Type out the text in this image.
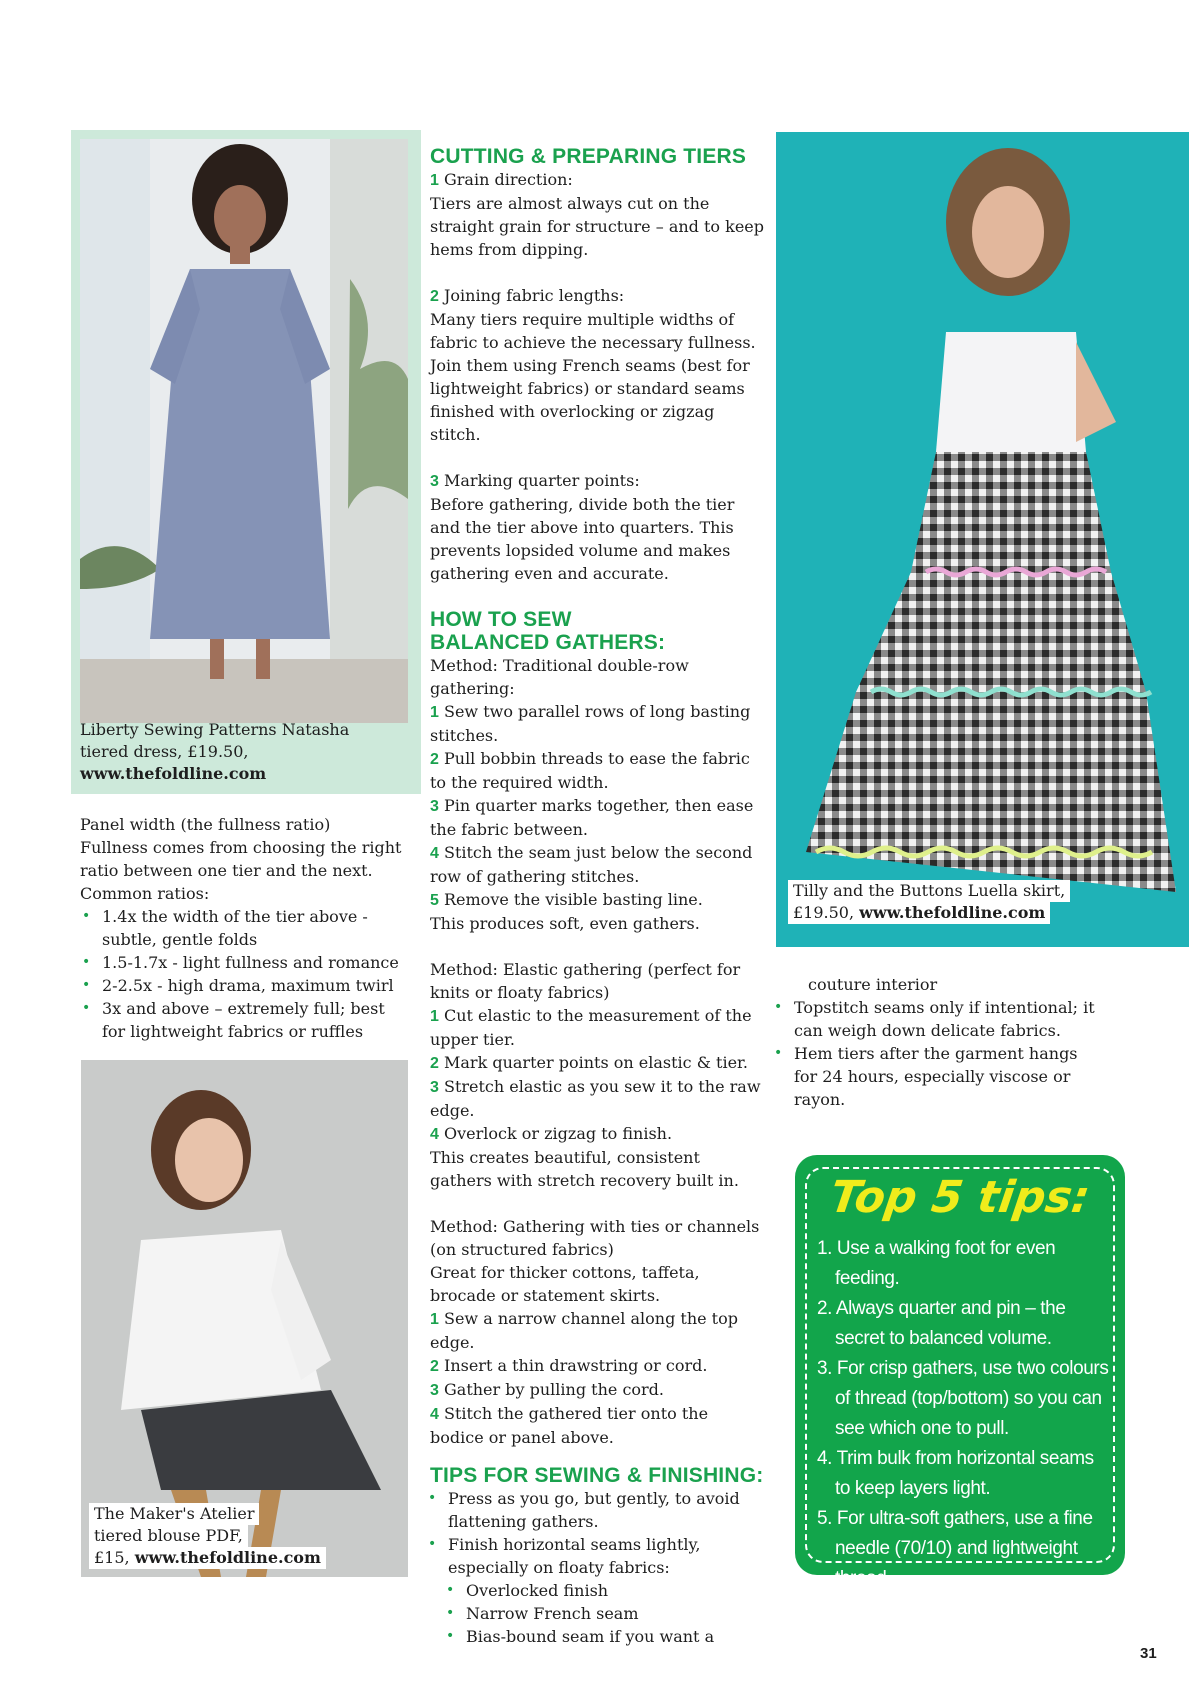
Liberty Sewing Patterns Natasha
tiered dress, £19.50,
www.thefoldline.com
Tilly and the Buttons Luella skirt,
£19.50, www.thefoldline.com
The Maker's Atelier
tiered blouse PDF,
£15, www.thefoldline.com

Panel width (the fullness ratio)

Fullness comes from choosing the right

ratio between one tier and the next.

Common ratios:

• 1.4x the width of the tier above - subtle, gentle folds
• 1.5-1.7x - light fullness and romance
• 2-2.5x - high drama, maximum twirl
• 3x and above – extremely full; best for lightweight fabrics or ruffles
CUTTING & PREPARING TIERS

1 Grain direction:

Tiers are almost always cut on the straight grain for structure – and to keep hems from dipping.

2 Joining fabric lengths:

Many tiers require multiple widths of fabric to achieve the necessary fullness. Join them using French seams (best for lightweight fabrics) or standard seams finished with overlocking or zigzag stitch.

3 Marking quarter points:

Before gathering, divide both the tier and the tier above into quarters. This prevents lopsided volume and makes gathering even and accurate.

HOW TO SEW
BALANCED GATHERS:

Method: Traditional double-row gathering:

1 Sew two parallel rows of long basting stitches.

2 Pull bobbin threads to ease the fabric to the required width.

3 Pin quarter marks together, then ease the fabric between.

4 Stitch the seam just below the second row of gathering stitches.

5 Remove the visible basting line.

This produces soft, even gathers.

Method: Elastic gathering (perfect for knits or floaty fabrics)

1 Cut elastic to the measurement of the upper tier.

2 Mark quarter points on elastic & tier.

3 Stretch elastic as you sew it to the raw edge.

4 Overlock or zigzag to finish.

This creates beautiful, consistent gathers with stretch recovery built in.

Method: Gathering with ties or channels (on structured fabrics)

Great for thicker cottons, taffeta, brocade or statement skirts.

1 Sew a narrow channel along the top edge.

2 Insert a thin drawstring or cord.

3 Gather by pulling the cord.

4 Stitch the gathered tier onto the bodice or panel above.

TIPS FOR SEWING & FINISHING:
• Press as you go, but gently, to avoid flattening gathers.
• Finish horizontal seams lightly, especially on floaty fabrics:
• Overlocked finish
• Narrow French seam
• Bias-bound seam if you want a

couture interior

• Topstitch seams only if intentional; it can weigh down delicate fabrics.
• Hem tiers after the garment hangs for 24 hours, especially viscose or rayon.
Top 5 tips:
1. Use a walking foot for even feeding.
2. Always quarter and pin – the secret to balanced volume.
3. For crisp gathers, use two colours of thread (top/bottom) so you can see which one to pull.
4. Trim bulk from horizontal seams to keep layers light.
5. For ultra-soft gathers, use a fine needle (70/10) and lightweight thread.
31
